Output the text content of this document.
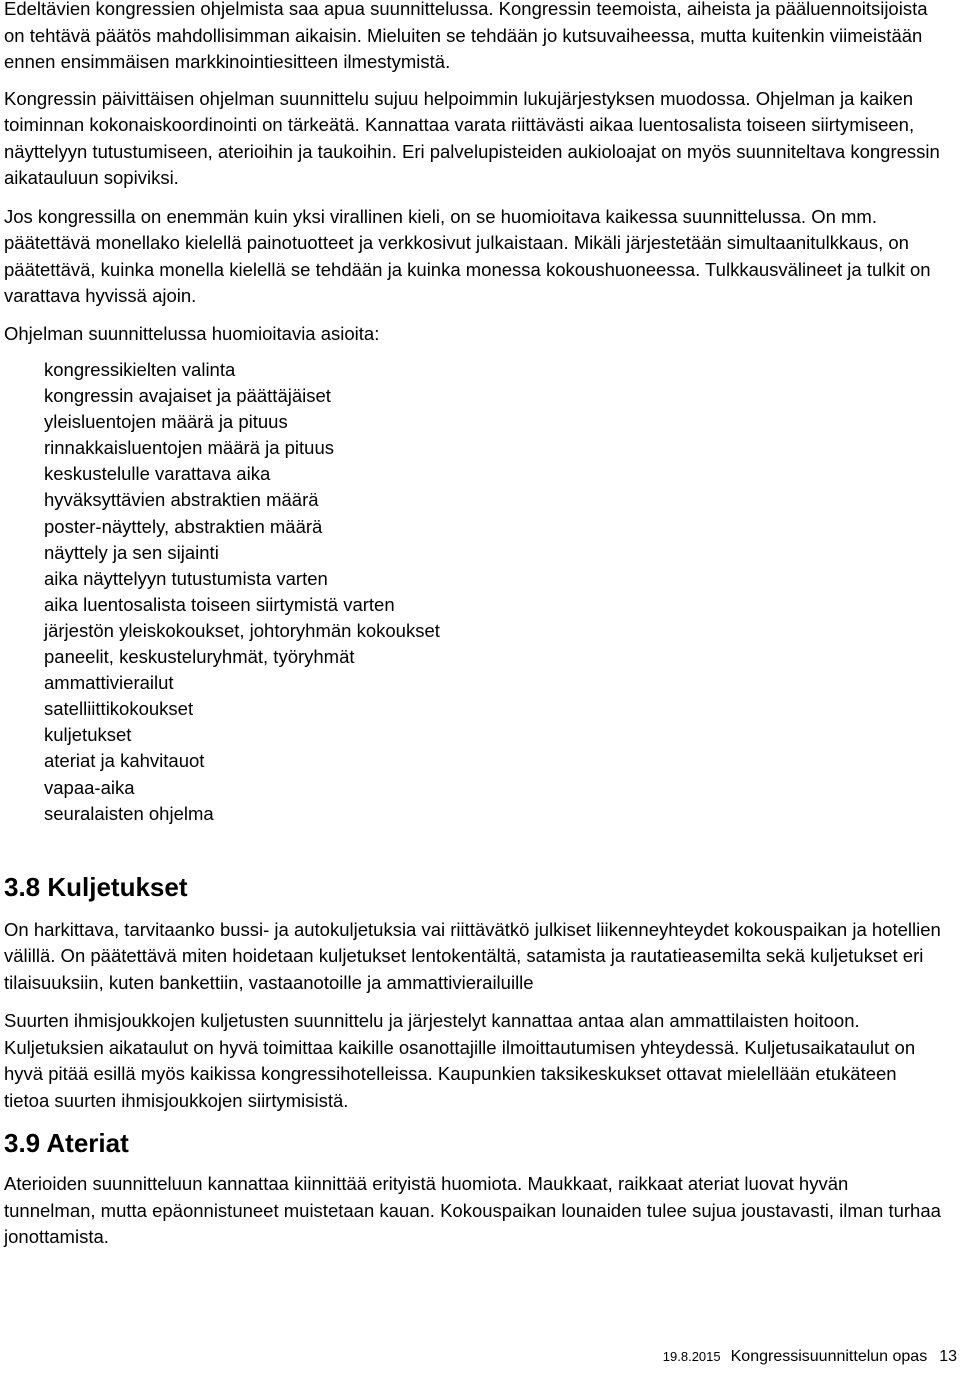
Edeltävien kongressien ohjelmista saa apua suunnittelussa. Kongressin teemoista, aiheista ja pääluennoitsijoista on tehtävä päätös mahdollisimman aikaisin. Mieluiten se tehdään jo kutsuvaiheessa, mutta kuitenkin viimeistään ennen ensimmäisen markkinointiesitteen ilmestymistä.

Kongressin päivittäisen ohjelman suunnittelu sujuu helpoimmin lukujärjestyksen muodossa. Ohjelman ja kaiken toiminnan kokonaiskoordinointi on tärkeätä. Kannattaa varata riittävästi aikaa luentosalista toiseen siirtymiseen, näyttelyyn tutustumiseen, aterioihin ja taukoihin. Eri palvelupisteiden aukioloajat on myös suunniteltava kongressin aikatauluun sopiviksi.

Jos kongressilla on enemmän kuin yksi virallinen kieli, on se huomioitava kaikessa suunnittelussa. On mm. päätettävä monellako kielellä painotuotteet ja verkkosivut julkaistaan. Mikäli järjestetään simultaanitulkkaus, on päätettävä, kuinka monella kielellä se tehdään ja kuinka monessa kokoushuoneessa. Tulkkausvälineet ja tulkit on varattava hyvissä ajoin.

Ohjelman suunnittelussa huomioitavia asioita:

kongressikielten valinta
kongressin avajaiset ja päättäjäiset
yleisluentojen määrä ja pituus
rinnakkaisluentojen määrä ja pituus
keskustelulle varattava aika
hyväksyttävien abstraktien määrä
poster-näyttely, abstraktien määrä
näyttely ja sen sijainti
aika näyttelyyn tutustumista varten
aika luentosalista toiseen siirtymistä varten
järjestön yleiskokoukset, johtoryhmän kokoukset
paneelit, keskusteluryhmät, työryhmät
ammattivierailut
satelliittikokoukset
kuljetukset
ateriat ja kahvitauot
vapaa-aika
seuralaisten ohjelma
3.8 Kuljetukset

On harkittava, tarvitaanko bussi- ja autokuljetuksia vai riittävätkö julkiset liikenneyhteydet kokouspaikan ja hotellien välillä. On päätettävä miten hoidetaan kuljetukset lentokentältä, satamista ja rautatieasemilta sekä kuljetukset eri tilaisuuksiin, kuten bankettiin, vastaanotoille ja ammattivierailuille

Suurten ihmisjoukkojen kuljetusten suunnittelu ja järjestelyt kannattaa antaa alan ammattilaisten hoitoon. Kuljetuksien aikataulut on hyvä toimittaa kaikille osanottajille ilmoittautumisen yhteydessä. Kuljetusaikataulut on hyvä pitää esillä myös kaikissa kongressihotelleissa. Kaupunkien taksikeskukset ottavat mielellään etukäteen tietoa suurten ihmisjoukkojen siirtymisistä.

3.9 Ateriat

Aterioiden suunnitteluun kannattaa kiinnittää erityistä huomiota. Maukkaat, raikkaat ateriat luovat hyvän tunnelman, mutta epäonnistuneet muistetaan kauan. Kokouspaikan lounaiden tulee sujua joustavasti, ilman turhaa jonottamista.

19.8.2015 Kongressisuunnittelun opas 13
